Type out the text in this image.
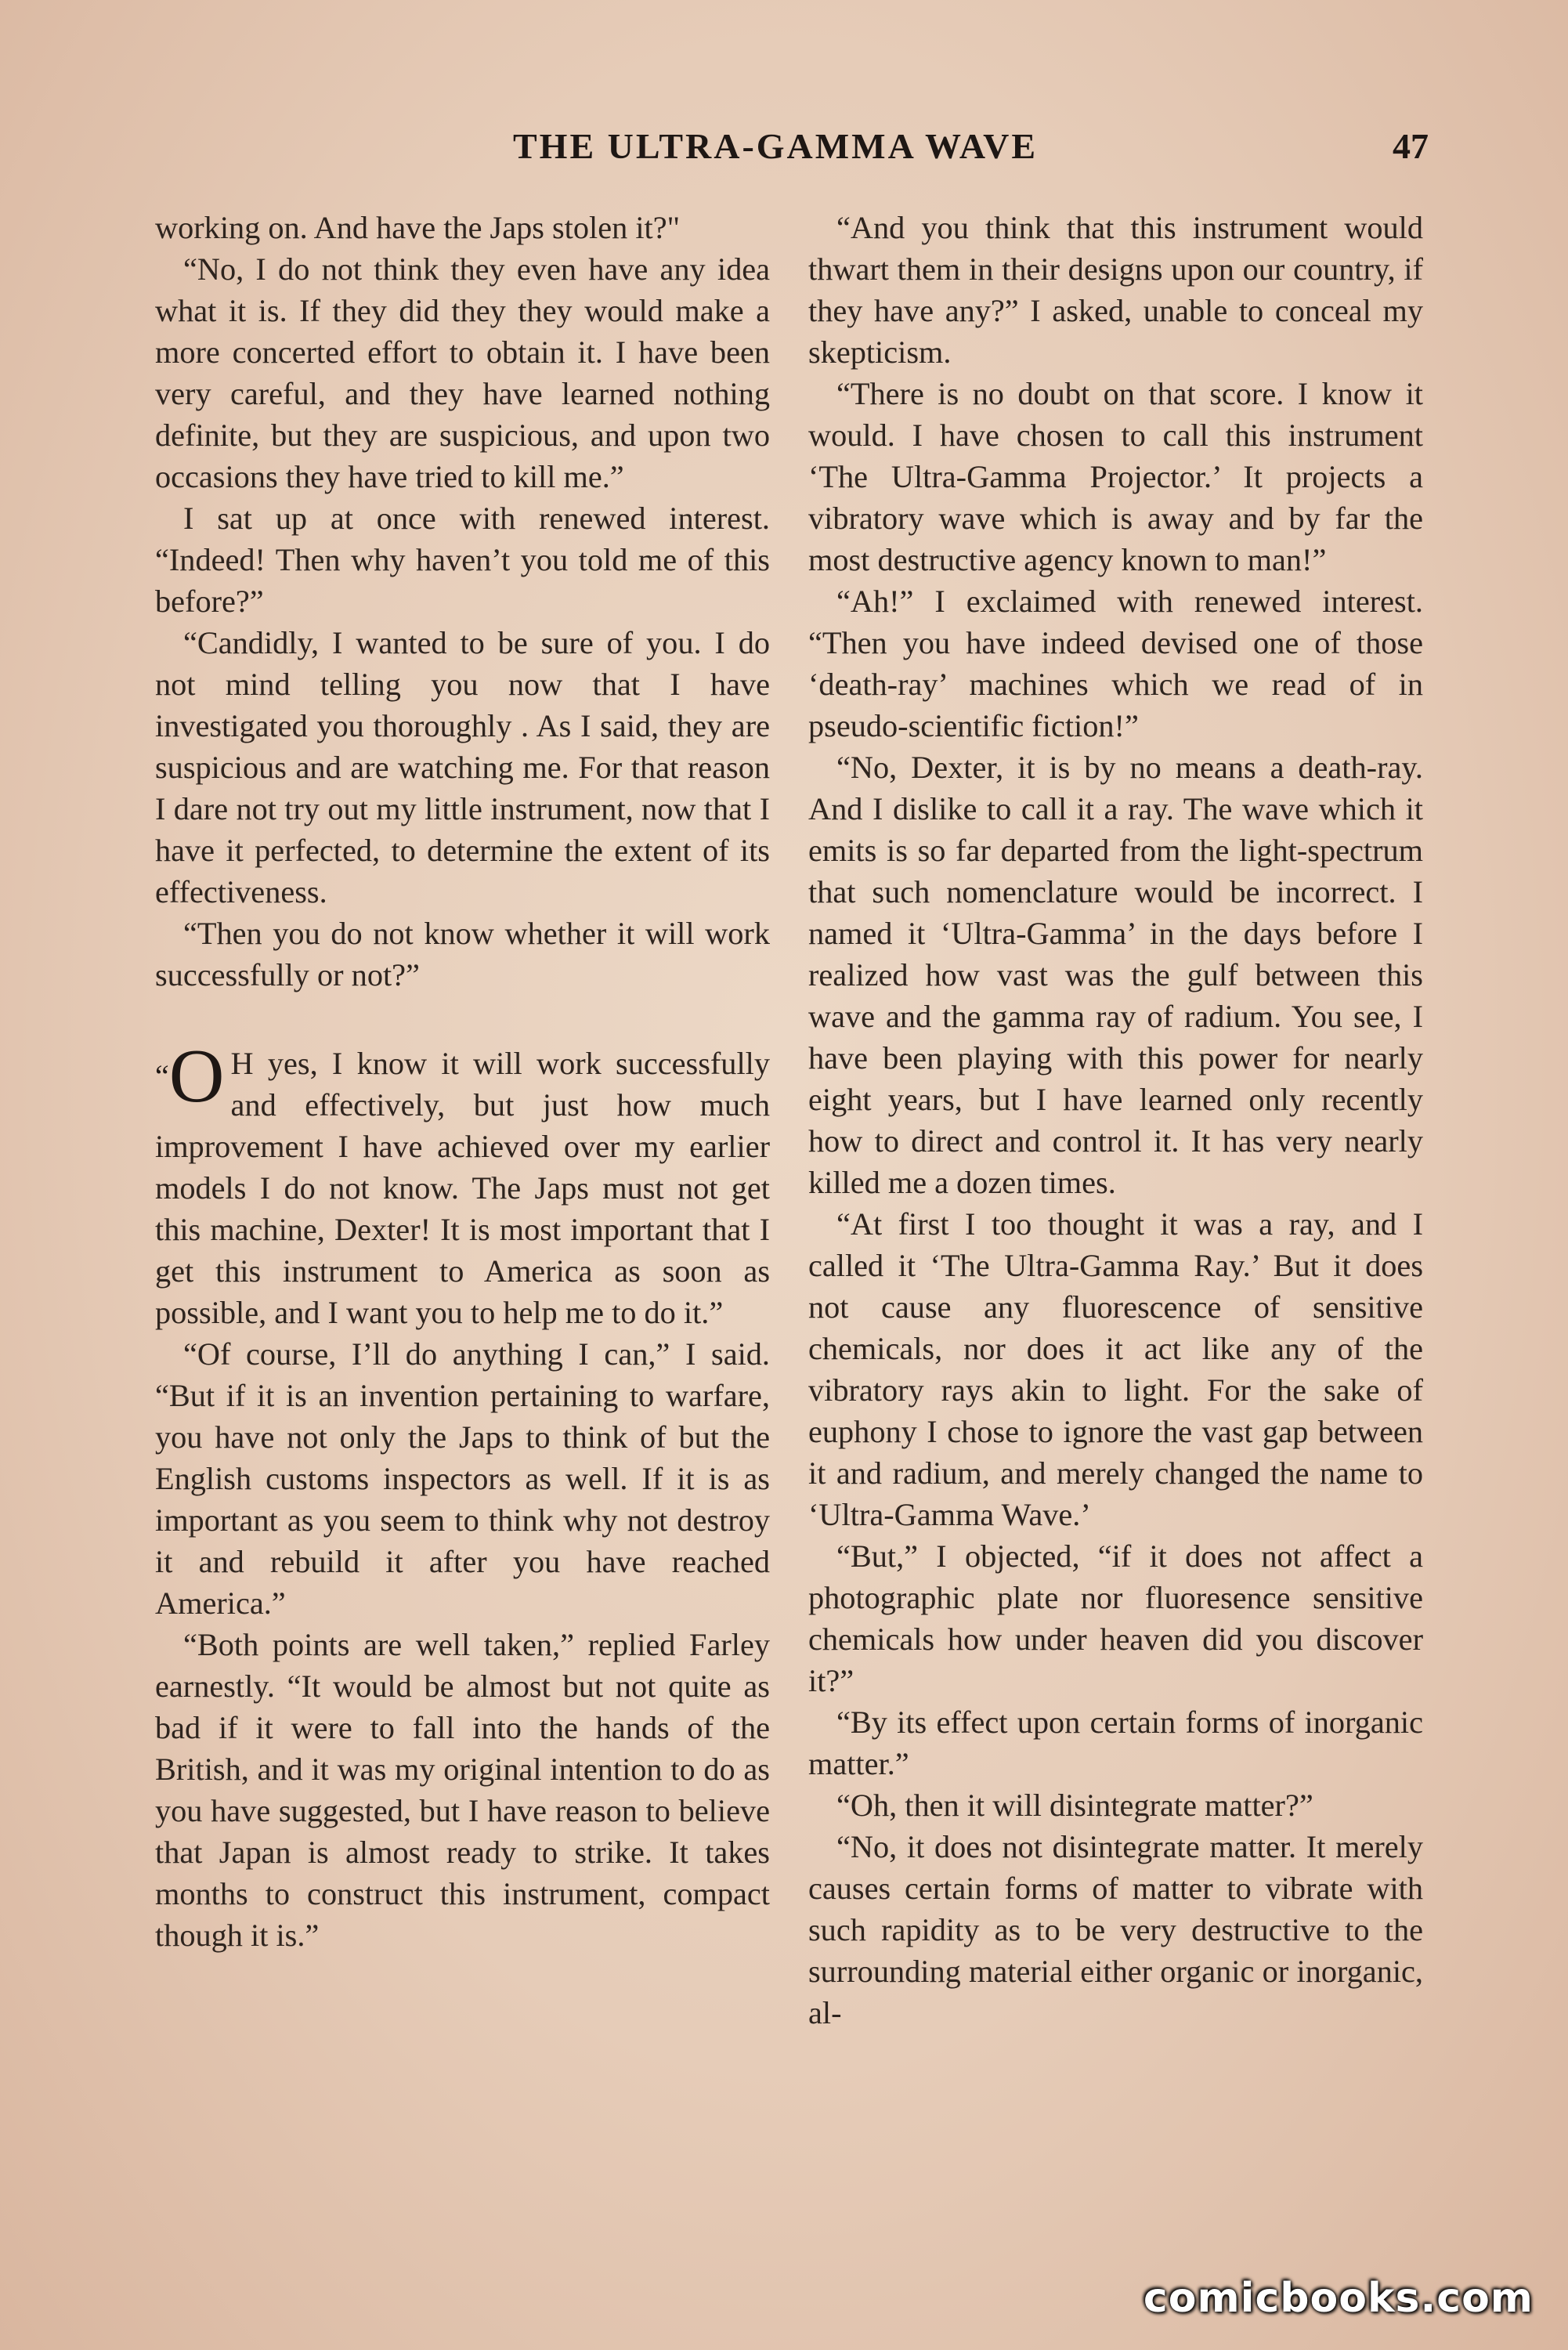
THE ULTRA-GAMMA WAVE	47

working on. And have the Japs stolen it?"

“No, I do not think they even have any idea what it is. If they did they they would make a more concerted effort to obtain it. I have been very careful, and they have learned nothing definite, but they are suspicious, and upon two occasions they have tried to kill me.”

I sat up at once with renewed interest. “Indeed! Then why haven’t you told me of this before?”

“Candidly, I wanted to be sure of you. I do not mind telling you now that I have investigated you thoroughly . As I said, they are suspicious and are watching me. For that reason I dare not try out my little instrument, now that I have it perfected, to determine the extent of its effectiveness.

“Then you do not know whether it will work successfully or not?”

“O H yes, I know it will work successfully and effectively, but just how much improvement I have achieved over my earlier models I do not know. The Japs must not get this machine, Dexter! It is most important that I get this instrument to America as soon as possible, and I want you to help me to do it.”

“Of course, I’ll do anything I can,” I said. “But if it is an invention pertaining to warfare, you have not only the Japs to think of but the English customs inspectors as well. If it is as important as you seem to think why not destroy it and rebuild it after you have reached America.”

“Both points are well taken,” replied Farley earnestly. “It would be almost but not quite as bad if it were to fall into the hands of the British, and it was my original intention to do as you have suggested, but I have reason to believe that Japan is almost ready to strike. It takes months to construct this instrument, compact though it is.”

“And you think that this instrument would thwart them in their designs upon our country, if they have any?” I asked, unable to conceal my skepticism.

“There is no doubt on that score. I know it would. I have chosen to call this instrument ‘The Ultra-Gamma Projector.’ It projects a vibratory wave which is away and by far the most destructive agency known to man!”

“Ah!” I exclaimed with renewed interest. “Then you have indeed devised one of those ‘death-ray’ machines which we read of in pseudo-scientific fiction!”

“No, Dexter, it is by no means a death-ray. And I dislike to call it a ray. The wave which it emits is so far departed from the light-spectrum that such nomenclature would be incorrect. I named it ‘Ultra-Gamma’ in the days before I realized how vast was the gulf between this wave and the gamma ray of radium. You see, I have been playing with this power for nearly eight years, but I have learned only recently how to direct and control it. It has very nearly killed me a dozen times.

“At first I too thought it was a ray, and I called it ‘The Ultra-Gamma Ray.’ But it does not cause any fluorescence of sensitive chemicals, nor does it act like any of the vibratory rays akin to light. For the sake of euphony I chose to ignore the vast gap between it and radium, and merely changed the name to ‘Ultra-Gamma Wave.’

“But,” I objected, “if it does not affect a photographic plate nor fluoresence sensitive chemicals how under heaven did you discover it?”

“By its effect upon certain forms of inorganic matter.”

“Oh, then it will disintegrate matter?”

“No, it does not disintegrate matter. It merely causes certain forms of matter to vibrate with such rapidity as to be very destructive to the surrounding material either organic or inorganic, al-

comicbooks.com
